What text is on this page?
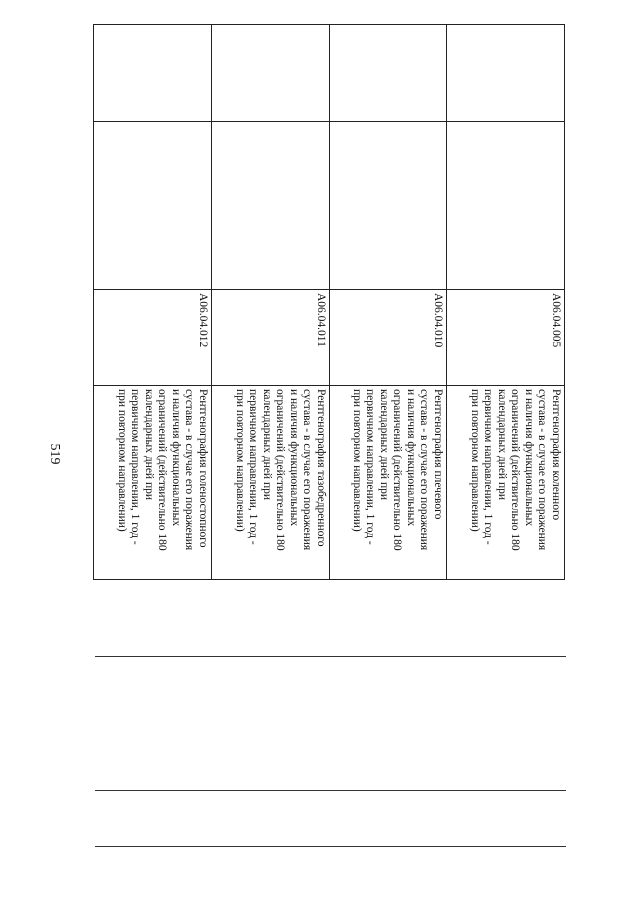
519
A06.04.005
Рентгенография коленного
сустава - в случае его поражения
и наличия функциональных
ограничений (действительно 180
календарных дней при
первичном направлении, 1 год -
при повторном направлении)
A06.04.010
Рентгенография плечевого
сустава - в случае его поражения
и наличия функциональных
ограничений (действительно 180
календарных дней при
первичном направлении, 1 год -
при повторном направлении)
A06.04.011
Рентгенография тазобедренного
сустава - в случае его поражения
и наличия функциональных
ограничений (действительно 180
календарных дней при
первичном направлении, 1 год -
при повторном направлении)
A06.04.012
Рентгенография голеностопного
сустава - в случае его поражения
и наличия функциональных
ограничений (действительно 180
календарных дней при
первичном направлении, 1 год -
при повторном направлении)
